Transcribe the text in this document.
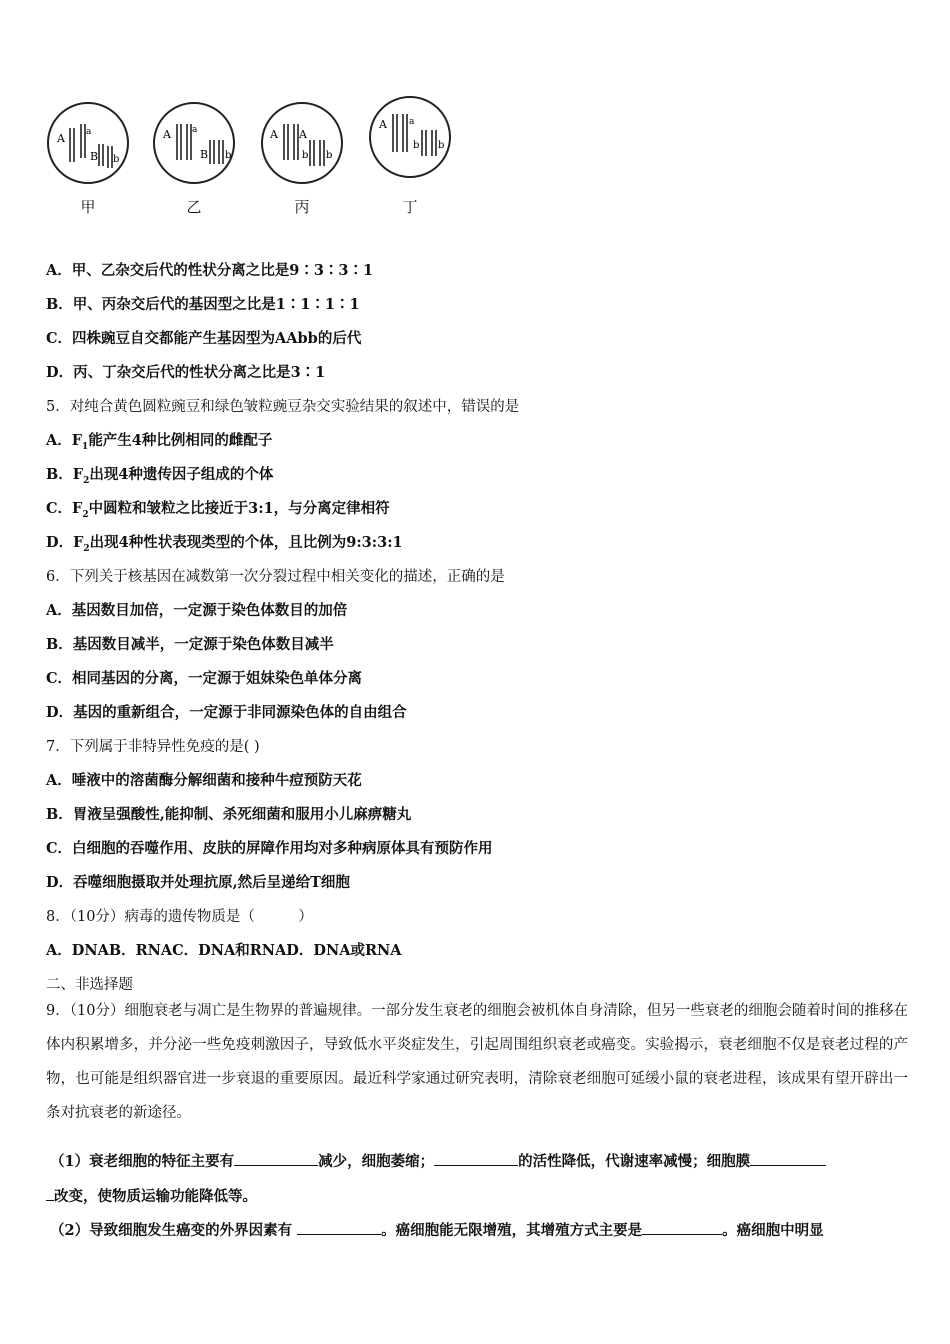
A a
B b
甲
A a
B b
乙
A A
b b
丙
A a
b b
丁
A．甲、乙杂交后代的性状分离之比是9∶3∶3∶1
B．甲、丙杂交后代的基因型之比是1∶1∶1∶1
C．四株豌豆自交都能产生基因型为AAbb的后代
D．丙、丁杂交后代的性状分离之比是3∶1
5．对纯合黄色圆粒豌豆和绿色皱粒豌豆杂交实验结果的叙述中，错误的是
A．$F_1$能产生4种比例相同的雌配子
B．$F_2$出现4种遗传因子组成的个体
C．$F_2$中圆粒和皱粒之比接近于3:1，与分离定律相符
D．$F_2$出现4种性状表现类型的个体，且比例为9:3:3:1
6．下列关于核基因在减数第一次分裂过程中相关变化的描述，正确的是
A．基因数目加倍，一定源于染色体数目的加倍
B．基因数目减半，一定源于染色体数目减半
C．相同基因的分离，一定源于姐妹染色单体分离
D．基因的重新组合，一定源于非同源染色体的自由组合
7．下列属于非特异性免疫的是( )
A．唾液中的溶菌酶分解细菌和接种牛痘预防天花
B．胃液呈强酸性,能抑制、杀死细菌和服用小儿麻痹糖丸
C．白细胞的吞噬作用、皮肤的屏障作用均对多种病原体具有预防作用
D．吞噬细胞摄取并处理抗原,然后呈递给T细胞
8．（10分）病毒的遗传物质是（　　　）
A．DNAB．RNAC．DNA和RNAD．DNA或RNA
二、非选择题
9．（10分）细胞衰老与凋亡是生物界的普遍规律。一部分发生衰老的细胞会被机体自身清除，但另一些衰老的细胞会随着时间的推移在体内积累增多，并分泌一些免疫刺激因子，导致低水平炎症发生，引起周围组织衰老或癌变。实验揭示，衰老细胞不仅是衰老过程的产物，也可能是组织器官进一步衰退的重要原因。最近科学家通过研究表明，清除衰老细胞可延缓小鼠的衰老进程，该成果有望开辟出一条对抗衰老的新途径。
（1）衰老细胞的特征主要有	减少，细胞萎缩；	的活性降低，代谢速率减慢；细胞膜
改变，使物质运输功能降低等。
（2）导致细胞发生癌变的外界因素有	。癌细胞能无限增殖，其增殖方式主要是	。癌细胞中明显
